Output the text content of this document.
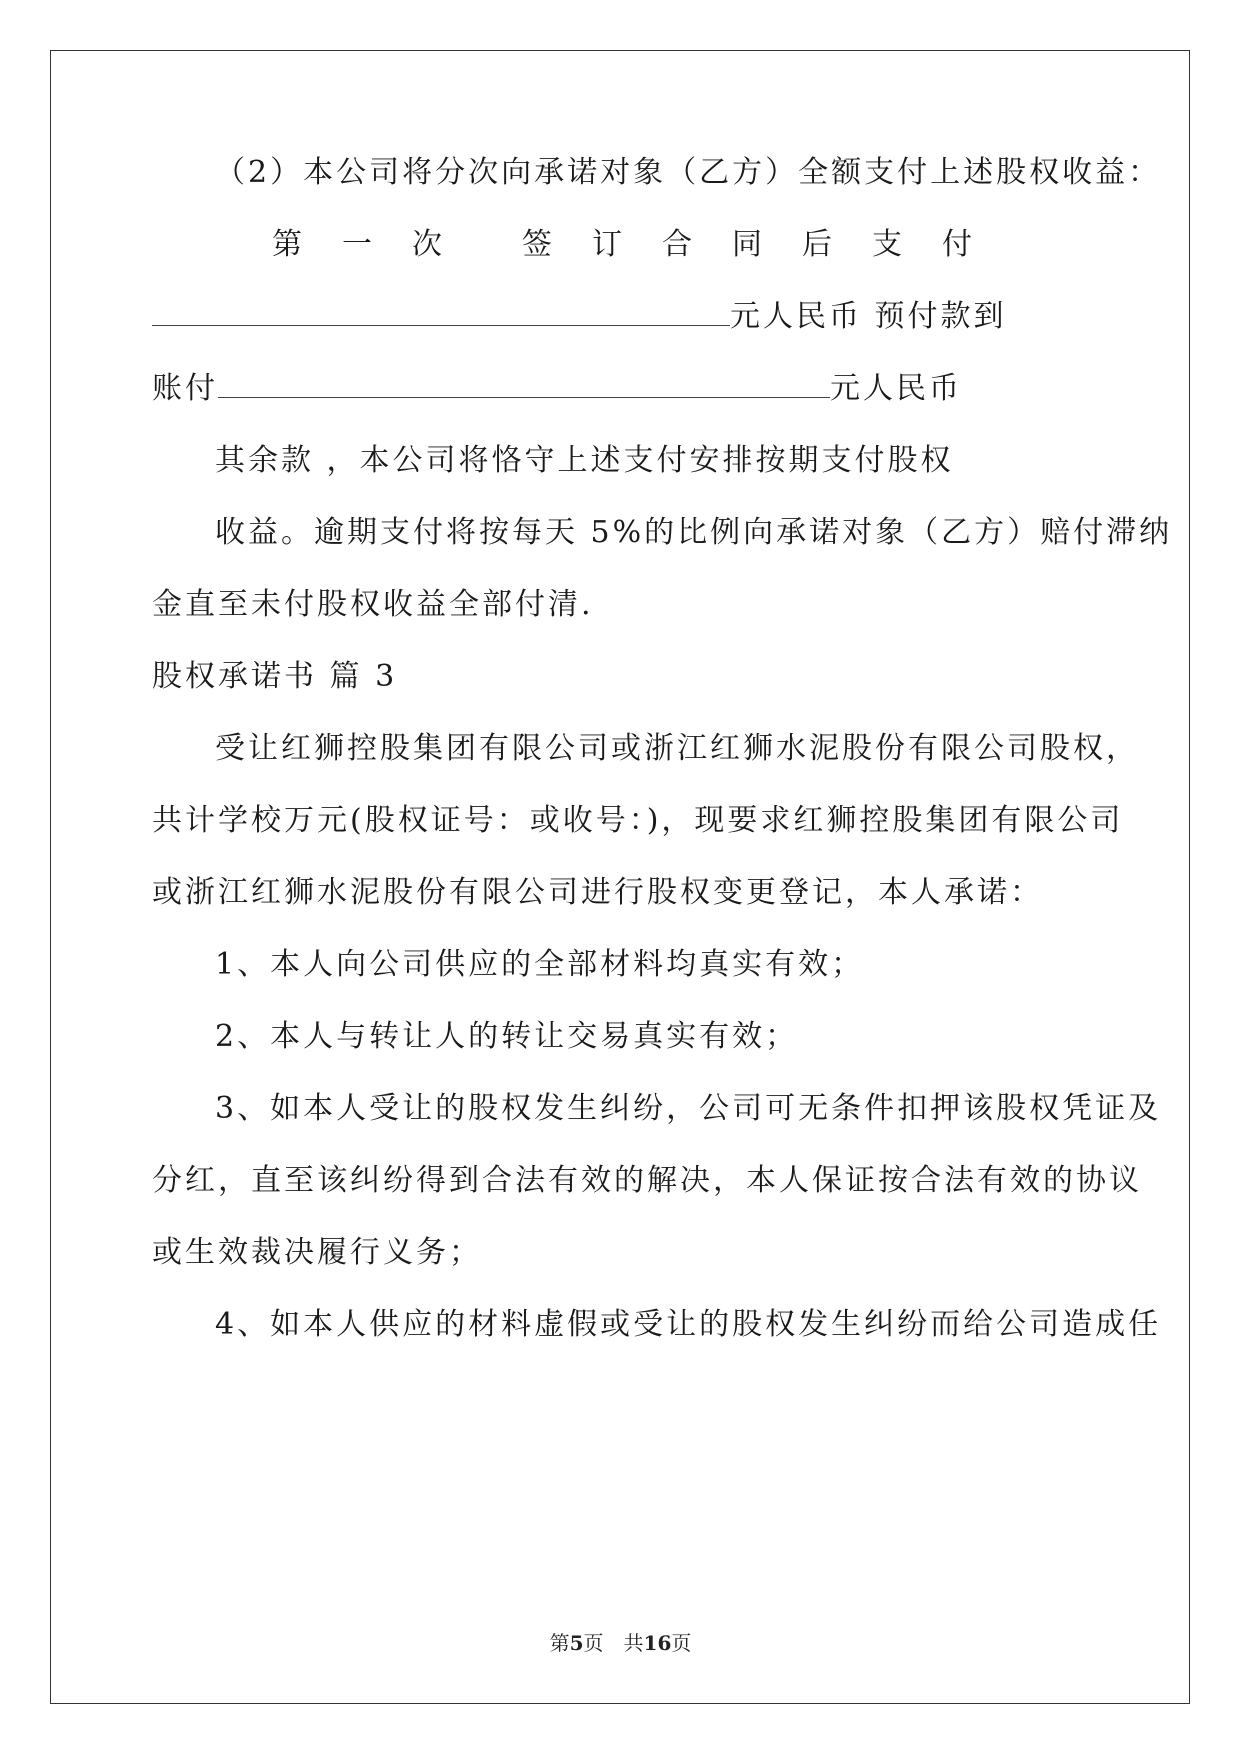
（2）本公司将分次向承诺对象（乙方）全额支付上述股权收益：
第 一 次	签 订 合 同 后 支 付
元人民币 预付款到
账付	元人民币
其余款 ，本公司将恪守上述支付安排按期支付股权
收益。逾期支付将按每天 5%的比例向承诺对象（乙方）赔付滞纳
金直至未付股权收益全部付清.
股权承诺书 篇 3
受让红狮控股集团有限公司或浙江红狮水泥股份有限公司股权，
共计学校万元(股权证号：或收号：)，现要求红狮控股集团有限公司
或浙江红狮水泥股份有限公司进行股权变更登记，本人承诺：
1、本人向公司供应的全部材料均真实有效；
2、本人与转让人的转让交易真实有效；
3、如本人受让的股权发生纠纷，公司可无条件扣押该股权凭证及
分红，直至该纠纷得到合法有效的解决，本人保证按合法有效的协议
或生效裁决履行义务；
4、如本人供应的材料虚假或受让的股权发生纠纷而给公司造成任
第5页　共16页
